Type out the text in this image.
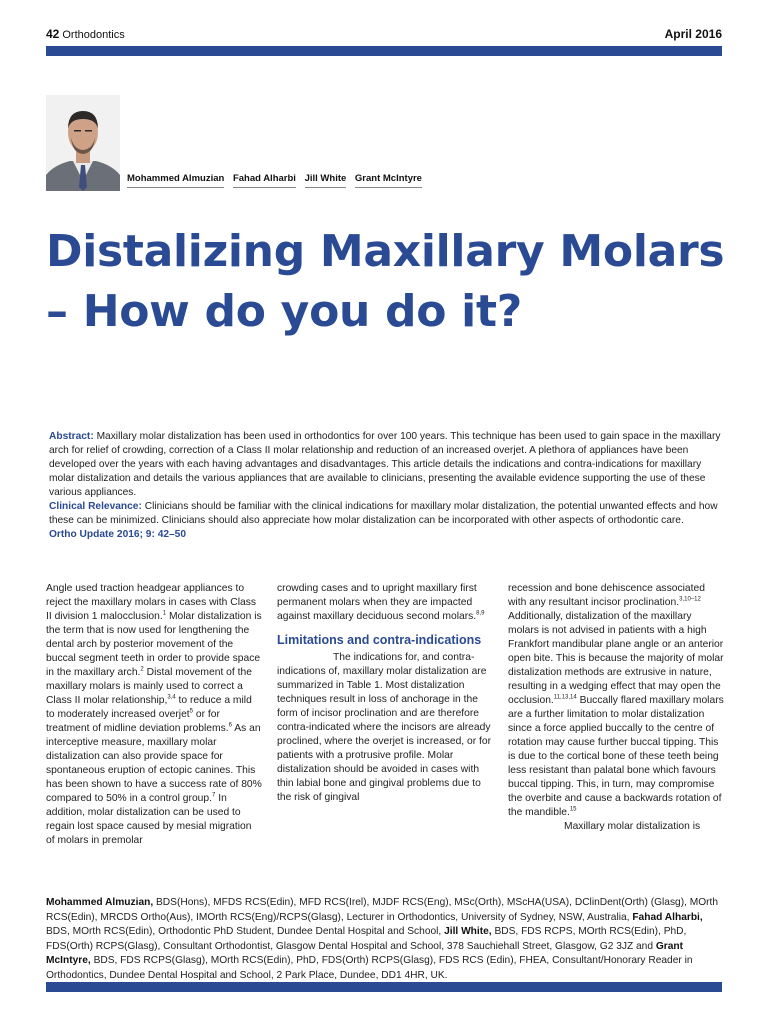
42 Orthodontics	April 2016
Mohammed Almuzian Fahad Alharbi Jill White Grant McIntyre
Distalizing Maxillary Molars – How do you do it?

Abstract: Maxillary molar distalization has been used in orthodontics for over 100 years. This technique has been used to gain space in the maxillary arch for relief of crowding, correction of a Class II molar relationship and reduction of an increased overjet. A plethora of appliances have been developed over the years with each having advantages and disadvantages. This article details the indications and contra-indications for maxillary molar distalization and details the various appliances that are available to clinicians, presenting the available evidence supporting the use of these various appliances.

Clinical Relevance: Clinicians should be familiar with the clinical indications for maxillary molar distalization, the potential unwanted effects and how these can be minimized. Clinicians should also appreciate how molar distalization can be incorporated with other aspects of orthodontic care.

Ortho Update 2016; 9: 42–50

Angle used traction headgear appliances to reject the maxillary molars in cases with Class II division 1 malocclusion.$^1$ Molar distalization is the term that is now used for lengthening the dental arch by posterior movement of the buccal segment teeth in order to provide space in the maxillary arch.$^2$ Distal movement of the maxillary molars is mainly used to correct a Class II molar relationship,$^{3,4}$ to reduce a mild to moderately increased overjet$^5$ or for treatment of midline deviation problems.$^6$ As an interceptive measure, maxillary molar distalization can also provide space for spontaneous eruption of ectopic canines. This has been shown to have a success rate of 80% compared to 50% in a control group.$^7$ In addition, molar distalization can be used to regain lost space caused by mesial migration of molars in premolar

crowding cases and to upright maxillary first permanent molars when they are impacted against maxillary deciduous second molars.$^{8,9}$

Limitations and contra-indications

The indications for, and contra-indications of, maxillary molar distalization are summarized in Table 1. Most distalization techniques result in loss of anchorage in the form of incisor proclination and are therefore contra-indicated where the incisors are already proclined, where the overjet is increased, or for patients with a protrusive profile. Molar distalization should be avoided in cases with thin labial bone and gingival problems due to the risk of gingival

recession and bone dehiscence associated with any resultant incisor proclination.$^{3,10-12}$ Additionally, distalization of the maxillary molars is not advised in patients with a high Frankfort mandibular plane angle or an anterior open bite. This is because the majority of molar distalization methods are extrusive in nature, resulting in a wedging effect that may open the occlusion.$^{11,13,14}$ Buccally flared maxillary molars are a further limitation to molar distalization since a force applied buccally to the centre of rotation may cause further buccal tipping. This is due to the cortical bone of these teeth being less resistant than palatal bone which favours buccal tipping. This, in turn, may compromise the overbite and cause a backwards rotation of the mandible.$^{15}$

Maxillary molar distalization is

Mohammed Almuzian, BDS(Hons), MFDS RCS(Edin), MFD RCS(Irel), MJDF RCS(Eng), MSc(Orth), MScHA(USA), DClinDent(Orth) (Glasg), MOrth RCS(Edin), MRCDS Ortho(Aus), IMOrth RCS(Eng)/RCPS(Glasg), Lecturer in Orthodontics, University of Sydney, NSW, Australia, Fahad Alharbi, BDS, MOrth RCS(Edin), Orthodontic PhD Student, Dundee Dental Hospital and School, Jill White, BDS, FDS RCPS, MOrth RCS(Edin), PhD, FDS(Orth) RCPS(Glasg), Consultant Orthodontist, Glasgow Dental Hospital and School, 378 Sauchiehall Street, Glasgow, G2 3JZ and Grant McIntyre, BDS, FDS RCPS(Glasg), MOrth RCS(Edin), PhD, FDS(Orth) RCPS(Glasg), FDS RCS (Edin), FHEA, Consultant/Honorary Reader in Orthodontics, Dundee Dental Hospital and School, 2 Park Place, Dundee, DD1 4HR, UK.
